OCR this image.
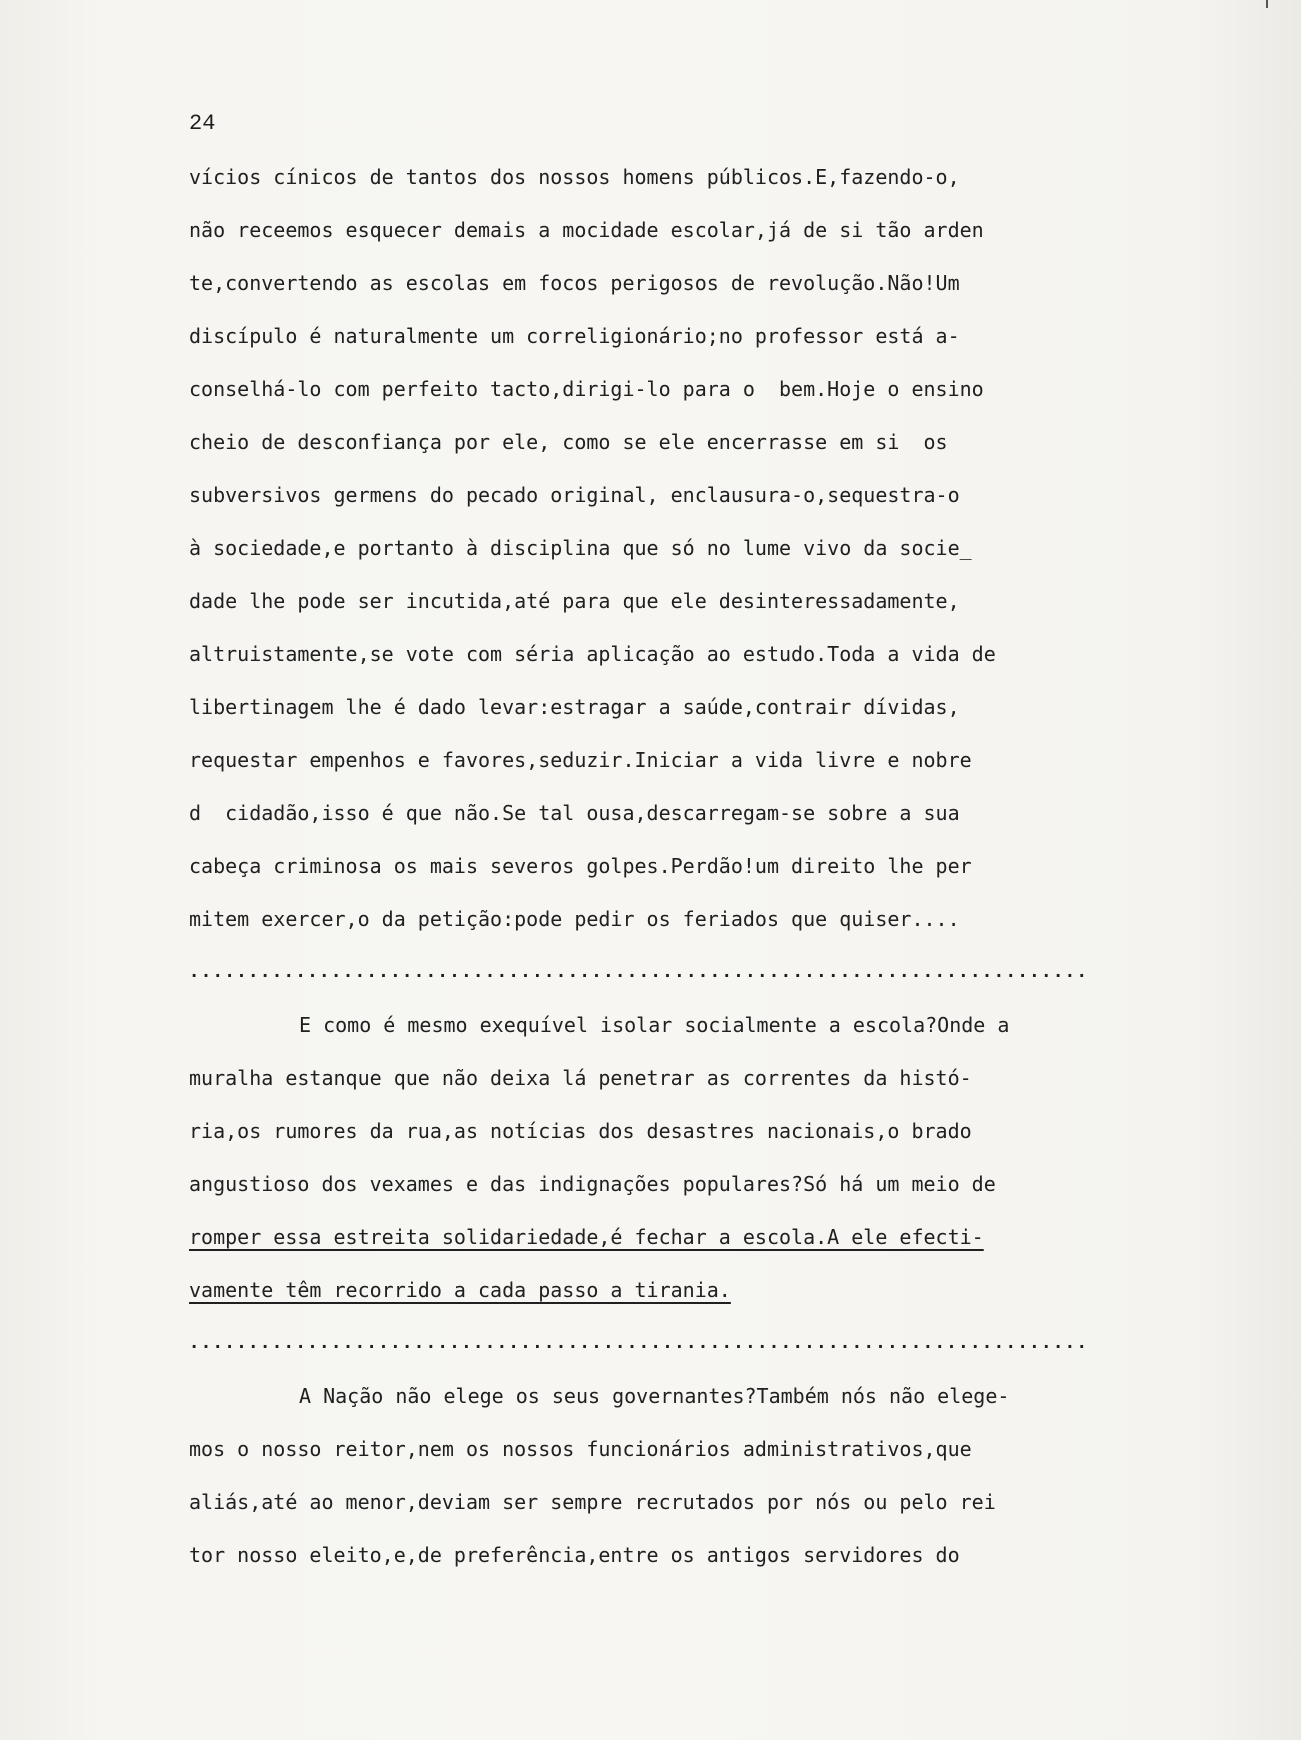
24
vícios cínicos de tantos dos nossos homens públicos.E,fazendo-o,
não receemos esquecer demais a mocidade escolar,já de si tão arden
te,convertendo as escolas em focos perigosos de revolução.Não!Um
discípulo é naturalmente um correligionário;no professor está a-
conselhá-lo com perfeito tacto,dirigi-lo para o  bem.Hoje o ensino
cheio de desconfiança por ele, como se ele encerrasse em si  os
subversivos germens do pecado original, enclausura-o,sequestra-o
à sociedade,e portanto à disciplina que só no lume vivo da socie_
dade lhe pode ser incutida,até para que ele desinteressadamente,
altruistamente,se vote com séria aplicação ao estudo.Toda a vida de
libertinagem lhe é dado levar:estragar a saúde,contrair dívidas,
requestar empenhos e favores,seduzir.Iniciar a vida livre e nobre
d  cidadão,isso é que não.Se tal ousa,descarregam-se sobre a sua
cabeça criminosa os mais severos golpes.Perdão!um direito lhe per
mitem exercer,o da petição:pode pedir os feriados que quiser....
............................................................................
E como é mesmo exequível isolar socialmente a escola?Onde a
muralha estanque que não deixa lá penetrar as correntes da histó-
ria,os rumores da rua,as notícias dos desastres nacionais,o brado
angustioso dos vexames e das indignações populares?Só há um meio de
romper essa estreita solidariedade,é fechar a escola.A ele efecti-
vamente têm recorrido a cada passo a tirania.
............................................................................
A Nação não elege os seus governantes?Também nós não elege-
mos o nosso reitor,nem os nossos funcionários administrativos,que
aliás,até ao menor,deviam ser sempre recrutados por nós ou pelo rei
tor nosso eleito,e,de preferência,entre os antigos servidores do
